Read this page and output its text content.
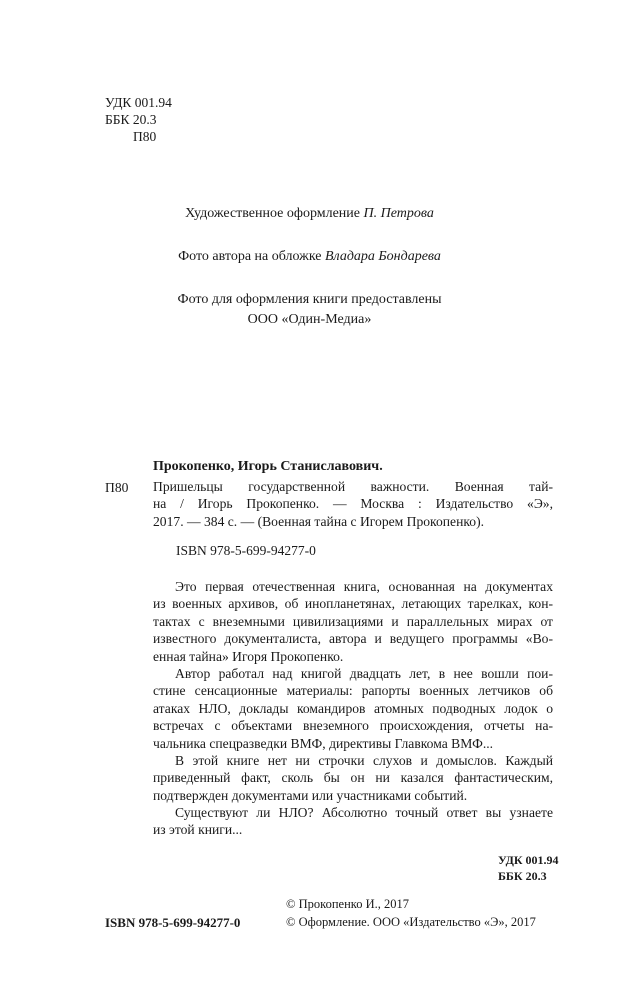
УДК 001.94
ББК 20.3
П80
Художественное оформление П. Петрова
Фото автора на обложке Владара Бондарева
Фото для оформления книги предоставлены
ООО «Один-Медиа»
Прокопенко, Игорь Станиславович.
П80 Пришельцы государственной важности. Военная тай-
на / Игорь Прокопенко. — Москва : Издательство «Э»,
2017. — 384 с. — (Военная тайна с Игорем Прокопенко).
ISBN 978-5-699-94277-0
Это первая отечественная книга, основанная на документах
из военных архивов, об инопланетянах, летающих тарелках, кон-
тактах с внеземными цивилизациями и параллельных мирах от
известного документалиста, автора и ведущего программы «Во-
енная тайна» Игоря Прокопенко.
Автор работал над книгой двадцать лет, в нее вошли пои-
стине сенсационные материалы: рапорты военных летчиков об
атаках НЛО, доклады командиров атомных подводных лодок о
встречах с объектами внеземного происхождения, отчеты на-
чальника спецразведки ВМФ, директивы Главкома ВМФ...
В этой книге нет ни строчки слухов и домыслов. Каждый
приведенный факт, сколь бы он ни казался фантастическим,
подтвержден документами или участниками событий.
Существуют ли НЛО? Абсолютно точный ответ вы узнаете
из этой книги...
УДК 001.94
ББК 20.3
ISBN 978-5-699-94277-0
© Прокопенко И., 2017
© Оформление. ООО «Издательство «Э», 2017
